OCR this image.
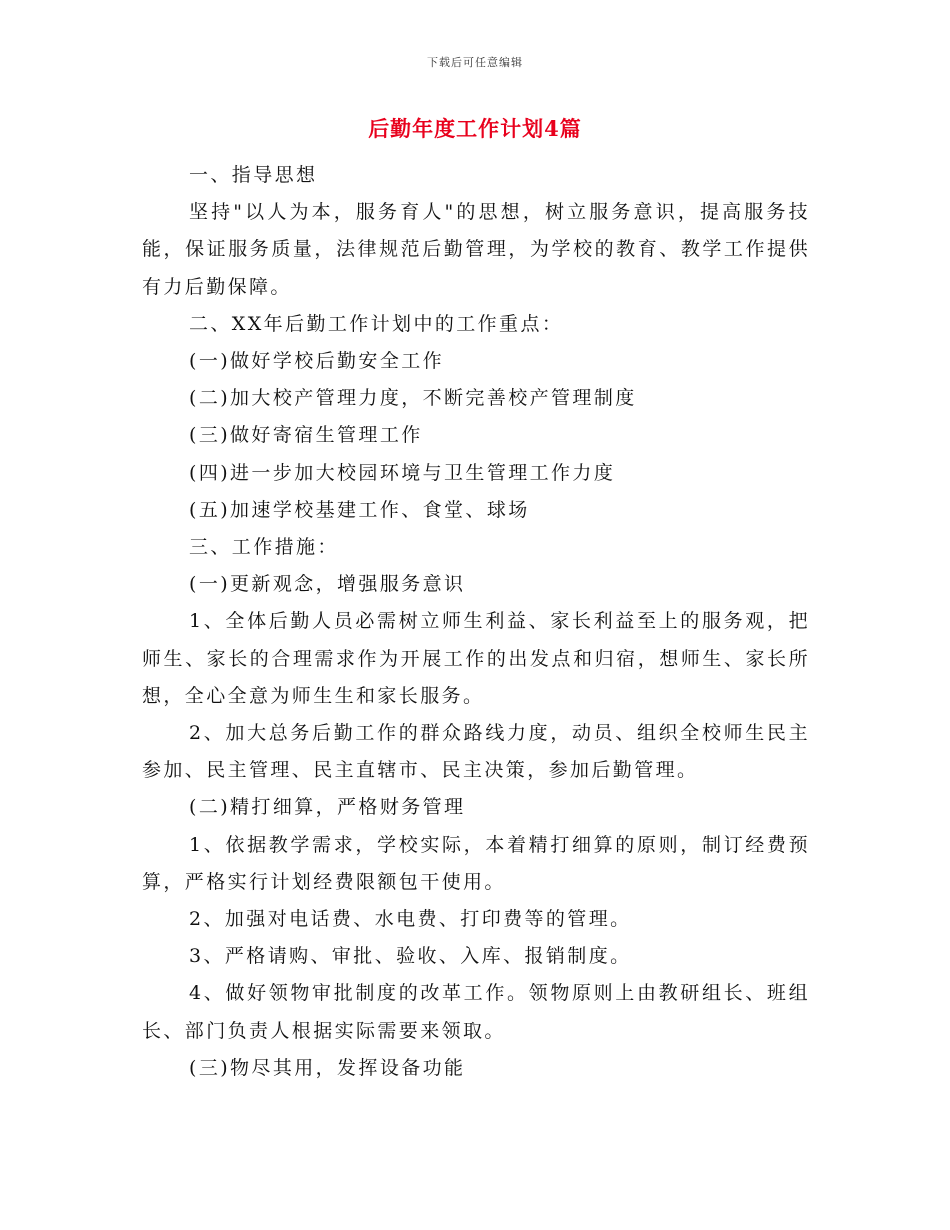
下载后可任意编辑
后勤年度工作计划4篇

一、指导思想

坚持"以人为本，服务育人"的思想，树立服务意识，提高服务技能，保证服务质量，法律规范后勤管理，为学校的教育、教学工作提供有力后勤保障。

二、XX年后勤工作计划中的工作重点：

(一)做好学校后勤安全工作

(二)加大校产管理力度，不断完善校产管理制度

(三)做好寄宿生管理工作

(四)进一步加大校园环境与卫生管理工作力度

(五)加速学校基建工作、食堂、球场

三、工作措施：

(一)更新观念，增强服务意识

1、全体后勤人员必需树立师生利益、家长利益至上的服务观，把师生、家长的合理需求作为开展工作的出发点和归宿，想师生、家长所想，全心全意为师生生和家长服务。

2、加大总务后勤工作的群众路线力度，动员、组织全校师生民主参加、民主管理、民主直辖市、民主决策，参加后勤管理。

(二)精打细算，严格财务管理

1、依据教学需求，学校实际，本着精打细算的原则，制订经费预算，严格实行计划经费限额包干使用。

2、加强对电话费、水电费、打印费等的管理。

3、严格请购、审批、验收、入库、报销制度。

4、做好领物审批制度的改革工作。领物原则上由教研组长、班组长、部门负责人根据实际需要来领取。

(三)物尽其用，发挥设备功能
